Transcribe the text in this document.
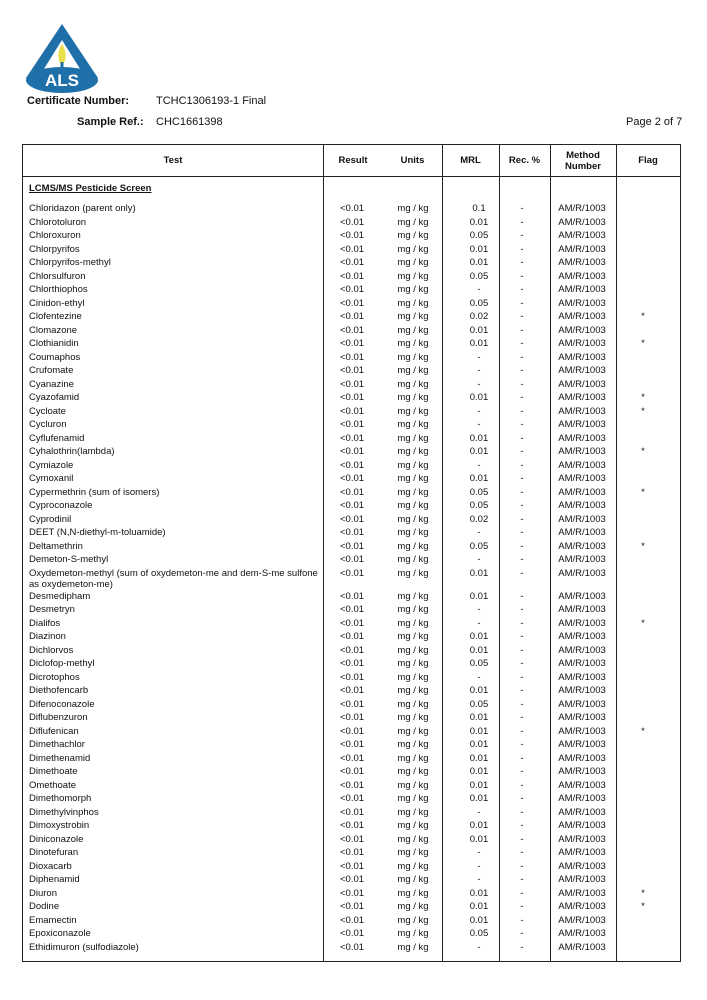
ALS
Certificate Number: TCHC1306193-1 Final
Sample Ref.: CHC1661398	Page 2 of 7
Test	Result	Units	MRL	Rec. %	Method Number	Flag
LCMS/MS Pesticide Screen
Chloridazon (parent only)	<0.01	mg / kg	0.1	-	AM/R/1003
Chlorotoluron	<0.01	mg / kg	0.01	-	AM/R/1003
Chloroxuron	<0.01	mg / kg	0.05	-	AM/R/1003
Chlorpyrifos	<0.01	mg / kg	0.01	-	AM/R/1003
Chlorpyrifos-methyl	<0.01	mg / kg	0.01	-	AM/R/1003
Chlorsulfuron	<0.01	mg / kg	0.05	-	AM/R/1003
Chlorthiophos	<0.01	mg / kg	-	-	AM/R/1003
Cinidon-ethyl	<0.01	mg / kg	0.05	-	AM/R/1003
Clofentezine	<0.01	mg / kg	0.02	-	AM/R/1003	*
Clomazone	<0.01	mg / kg	0.01	-	AM/R/1003
Clothianidin	<0.01	mg / kg	0.01	-	AM/R/1003	*
Coumaphos	<0.01	mg / kg	-	-	AM/R/1003
Crufomate	<0.01	mg / kg	-	-	AM/R/1003
Cyanazine	<0.01	mg / kg	-	-	AM/R/1003
Cyazofamid	<0.01	mg / kg	0.01	-	AM/R/1003	*
Cycloate	<0.01	mg / kg	-	-	AM/R/1003	*
Cycluron	<0.01	mg / kg	-	-	AM/R/1003
Cyflufenamid	<0.01	mg / kg	0.01	-	AM/R/1003
Cyhalothrin(lambda)	<0.01	mg / kg	0.01	-	AM/R/1003	*
Cymiazole	<0.01	mg / kg	-	-	AM/R/1003
Cymoxanil	<0.01	mg / kg	0.01	-	AM/R/1003
Cypermethrin (sum of isomers)	<0.01	mg / kg	0.05	-	AM/R/1003	*
Cyproconazole	<0.01	mg / kg	0.05	-	AM/R/1003
Cyprodinil	<0.01	mg / kg	0.02	-	AM/R/1003
DEET (N,N-diethyl-m-toluamide)	<0.01	mg / kg	-	-	AM/R/1003
Deltamethrin	<0.01	mg / kg	0.05	-	AM/R/1003	*
Demeton-S-methyl	<0.01	mg / kg	-	-	AM/R/1003
Oxydemeton-methyl (sum of oxydemeton-me and dem-S-me sulfone as oxydemeton-me)
<0.01	mg / kg	0.01	-	AM/R/1003
Desmedipham	<0.01	mg / kg	0.01	-	AM/R/1003
Desmetryn	<0.01	mg / kg	-	-	AM/R/1003
Dialifos	<0.01	mg / kg	-	-	AM/R/1003	*
Diazinon	<0.01	mg / kg	0.01	-	AM/R/1003
Dichlorvos	<0.01	mg / kg	0.01	-	AM/R/1003
Diclofop-methyl	<0.01	mg / kg	0.05	-	AM/R/1003
Dicrotophos	<0.01	mg / kg	-	-	AM/R/1003
Diethofencarb	<0.01	mg / kg	0.01	-	AM/R/1003
Difenoconazole	<0.01	mg / kg	0.05	-	AM/R/1003
Diflubenzuron	<0.01	mg / kg	0.01	-	AM/R/1003
Diflufenican	<0.01	mg / kg	0.01	-	AM/R/1003	*
Dimethachlor	<0.01	mg / kg	0.01	-	AM/R/1003
Dimethenamid	<0.01	mg / kg	0.01	-	AM/R/1003
Dimethoate	<0.01	mg / kg	0.01	-	AM/R/1003
Omethoate	<0.01	mg / kg	0.01	-	AM/R/1003
Dimethomorph	<0.01	mg / kg	0.01	-	AM/R/1003
Dimethylvinphos	<0.01	mg / kg	-	-	AM/R/1003
Dimoxystrobin	<0.01	mg / kg	0.01	-	AM/R/1003
Diniconazole	<0.01	mg / kg	0.01	-	AM/R/1003
Dinotefuran	<0.01	mg / kg	-	-	AM/R/1003
Dioxacarb	<0.01	mg / kg	-	-	AM/R/1003
Diphenamid	<0.01	mg / kg	-	-	AM/R/1003
Diuron	<0.01	mg / kg	0.01	-	AM/R/1003	*
Dodine	<0.01	mg / kg	0.01	-	AM/R/1003	*
Emamectin	<0.01	mg / kg	0.01	-	AM/R/1003
Epoxiconazole	<0.01	mg / kg	0.05	-	AM/R/1003
Ethidimuron (sulfodiazole)	<0.01	mg / kg	-	-	AM/R/1003
